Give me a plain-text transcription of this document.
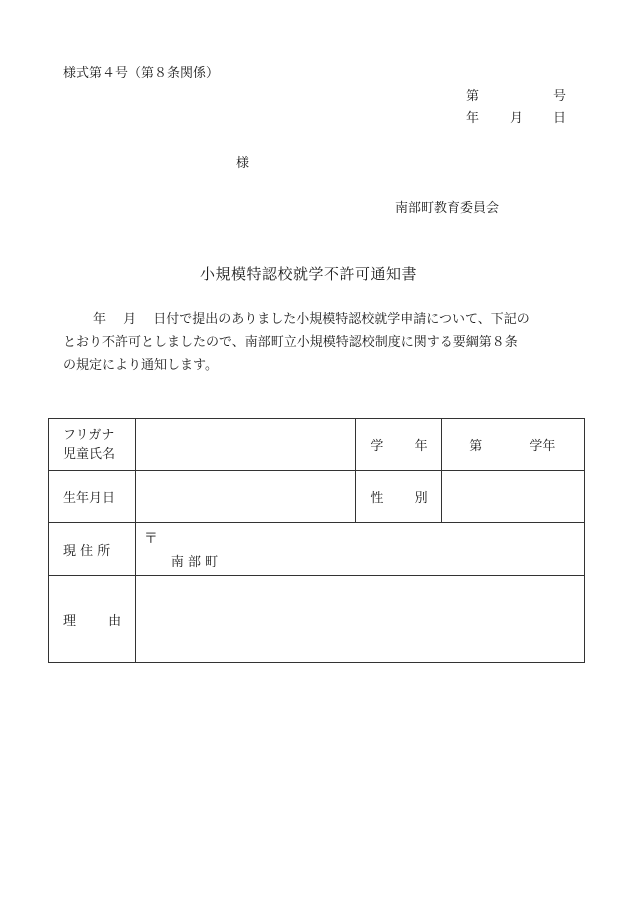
様式第４号（第８条関係）
第	号
年 月 日
様
南部町教育委員会
小規模特認校就学不許可通知書

年　 月　 日付で提出のありました小規模特認校就学申請について、下記の

とおり不許可としましたので、南部町立小規模特認校制度に関する要綱第８条

の規定により通知します。

フリガナ
児童氏名		学 年	第 学年
生年月日		性 別	
現 住 所	〒
南 部 町		

理 由			
